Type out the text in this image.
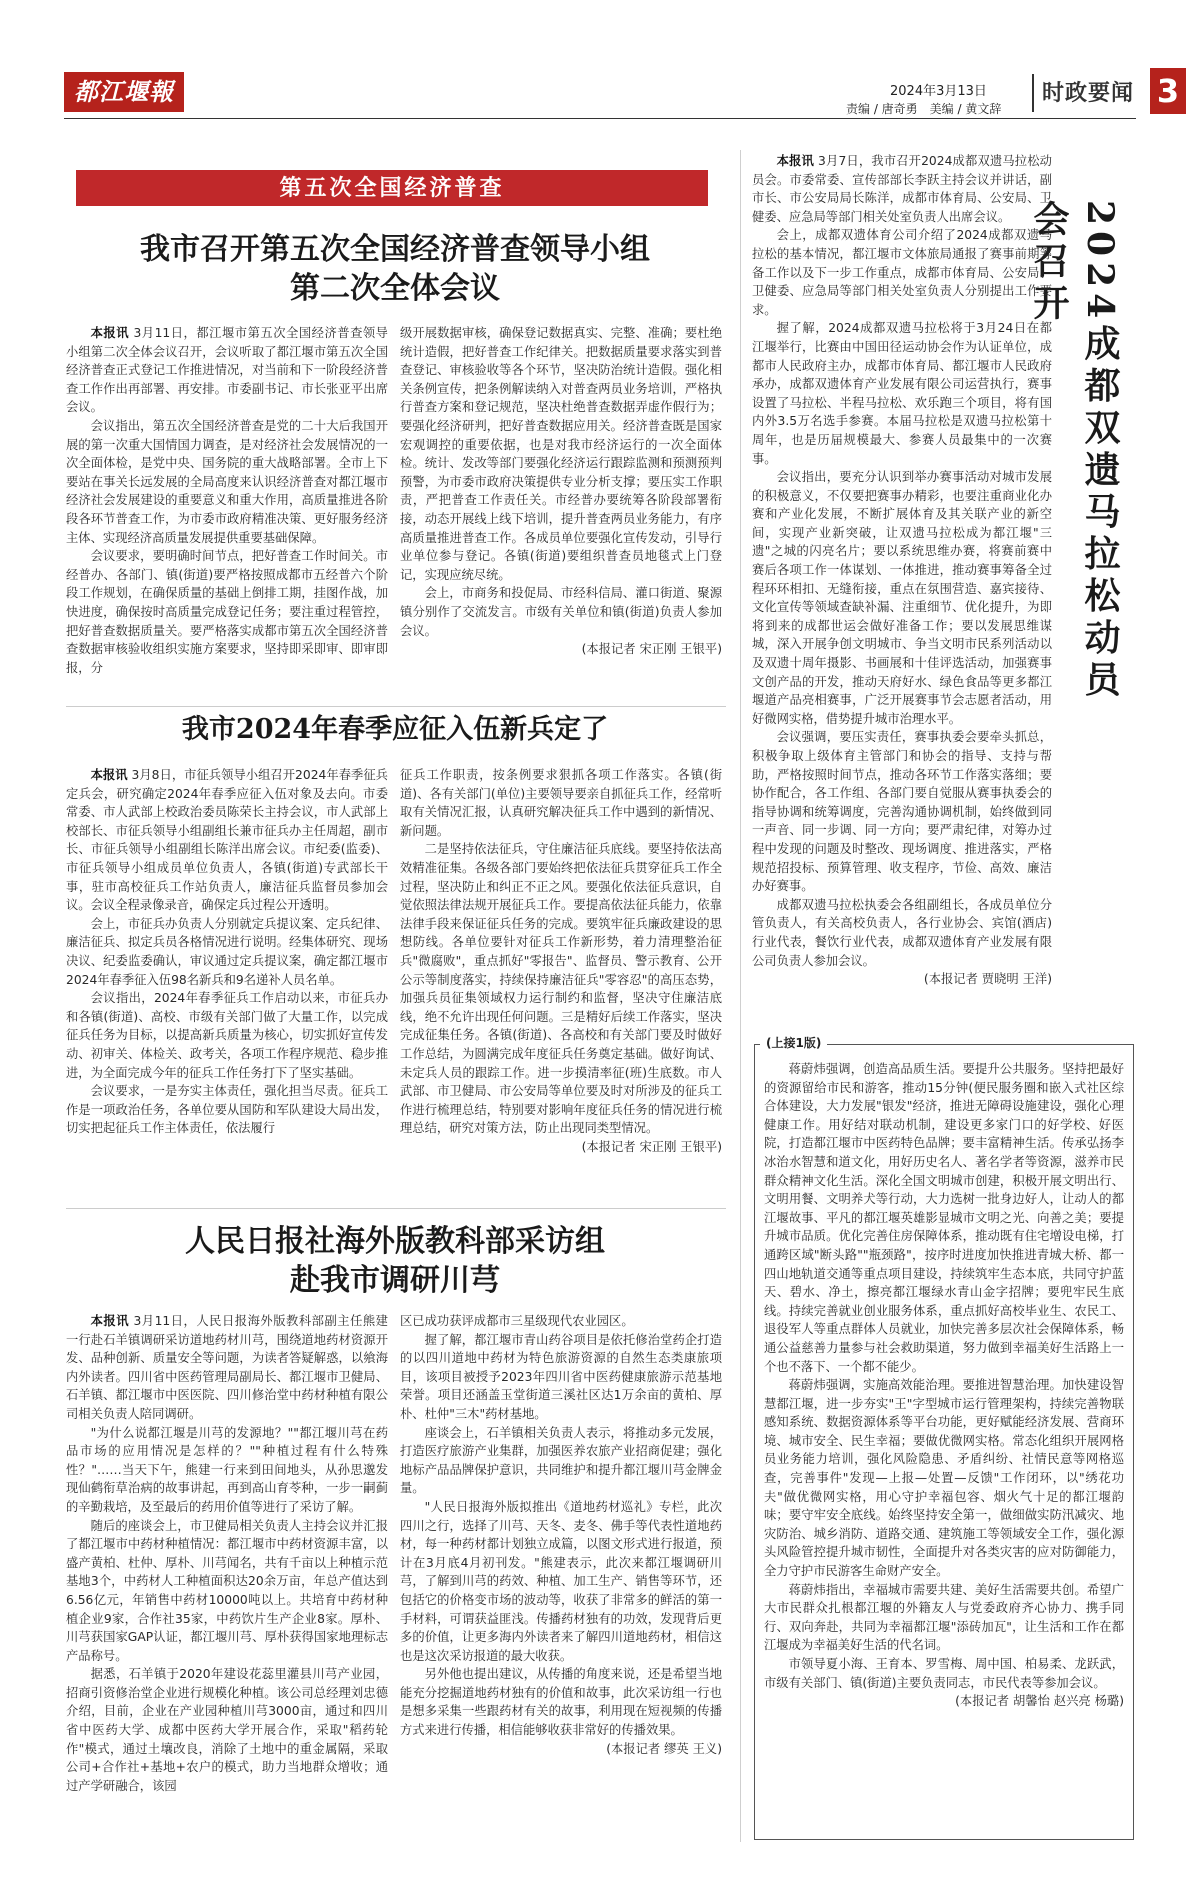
都江堰報	2024年3月13日
责编 / 唐奇勇　美编 / 黄文辞
时政要闻 3
第五次全国经济普查
我市召开第五次全国经济普查领导小组
第二次全体会议

本报讯 3月11日，都江堰市第五次全国经济普查领导小组第二次全体会议召开，会议听取了都江堰市第五次全国经济普查正式登记工作推进情况，对当前和下一阶段经济普查工作作出再部署、再安排。市委副书记、市长张亚平出席会议。

会议指出，第五次全国经济普查是党的二十大后我国开展的第一次重大国情国力调查，是对经济社会发展情况的一次全面体检，是党中央、国务院的重大战略部署。全市上下要站在事关长远发展的全局高度来认识经济普查对都江堰市经济社会发展建设的重要意义和重大作用，高质量推进各阶段各环节普查工作，为市委市政府精准决策、更好服务经济主体、实现经济高质量发展提供重要基础保障。

会议要求，要明确时间节点，把好普查工作时间关。市经普办、各部门、镇(街道)要严格按照成都市五经普六个阶段工作规划，在确保质量的基础上倒排工期，挂图作战，加快进度，确保按时高质量完成登记任务；要注重过程管控，把好普查数据质量关。要严格落实成都市第五次全国经济普查数据审核验收组织实施方案要求，坚持即采即审、即审即报，分

级开展数据审核，确保登记数据真实、完整、准确；要杜绝统计造假，把好普查工作纪律关。把数据质量要求落实到普查登记、审核验收等各个环节，坚决防治统计造假。强化相关条例宣传，把条例解读纳入对普查两员业务培训，严格执行普查方案和登记规范，坚决杜绝普查数据弄虚作假行为；要强化经济研判，把好普查数据应用关。经济普查既是国家宏观调控的重要依据，也是对我市经济运行的一次全面体检。统计、发改等部门要强化经济运行跟踪监测和预测预判预警，为市委市政府决策提供专业分析支撑；要压实工作职责，严把普查工作责任关。市经普办要统筹各阶段部署衔接，动态开展线上线下培训，提升普查两员业务能力，有序高质量推进普查工作。各成员单位要强化宣传发动，引导行业单位参与登记。各镇(街道)要组织普查员地毯式上门登记，实现应统尽统。

会上，市商务和投促局、市经科信局、灌口街道、聚源镇分别作了交流发言。市级有关单位和镇(街道)负责人参加会议。

(本报记者 宋正刚 王银平)

我市2024年春季应征入伍新兵定了

本报讯 3月8日，市征兵领导小组召开2024年春季征兵定兵会，研究确定2024年春季应征入伍对象及去向。市委常委、市人武部上校政治委员陈荣长主持会议，市人武部上校部长、市征兵领导小组副组长兼市征兵办主任周超，副市长、市征兵领导小组副组长陈洋出席会议。市纪委(监委)、市征兵领导小组成员单位负责人，各镇(街道)专武部长干事，驻市高校征兵工作站负责人，廉洁征兵监督员参加会议。会议全程录像录音，确保定兵过程公开透明。

会上，市征兵办负责人分别就定兵提议案、定兵纪律、廉洁征兵、拟定兵员各格情况进行说明。经集体研究、现场决议、纪委监委确认，审议通过定兵提议案，确定都江堰市2024年春季征入伍98名新兵和9名递补人员名单。

会议指出，2024年春季征兵工作启动以来，市征兵办和各镇(街道)、高校、市级有关部门做了大量工作，以完成征兵任务为目标，以提高新兵质量为核心，切实抓好宣传发动、初审关、体检关、政考关，各项工作程序规范、稳步推进，为全面完成今年的征兵工作任务打下了坚实基础。

会议要求，一是夯实主体责任，强化担当尽责。征兵工作是一项政治任务，各单位要从国防和军队建设大局出发，切实把起征兵工作主体责任，依法履行

征兵工作职责，按条例要求狠抓各项工作落实。各镇(街道)、各有关部门(单位)主要领导要亲自抓征兵工作，经常听取有关情况汇报，认真研究解决征兵工作中遇到的新情况、新问题。

二是坚持依法征兵，守住廉洁征兵底线。要坚持依法高效精准征集。各级各部门要始终把依法征兵贯穿征兵工作全过程，坚决防止和纠正不正之风。要强化依法征兵意识，自觉依照法律法规开展征兵工作。要提高依法征兵能力，依靠法律手段来保证征兵任务的完成。要筑牢征兵廉政建设的思想防线。各单位要针对征兵工作新形势，着力清理整治征兵"微腐败"，重点抓好"零报告"、监督员、警示教育、公开公示等制度落实，持续保持廉洁征兵"零容忍"的高压态势，加强兵员征集领域权力运行制约和监督，坚决守住廉洁底线，绝不允许出现任何问题。三是精好后续工作落实，坚决完成征集任务。各镇(街道)、各高校和有关部门要及时做好工作总结，为圆满完成年度征兵任务奠定基础。做好询试、未定兵人员的跟踪工作。进一步摸清率征(班)生底数。市人武部、市卫健局、市公安局等单位要及时对所涉及的征兵工作进行梳理总结，特别要对影响年度征兵任务的情况进行梳理总结，研究对策方法，防止出现同类型情况。

(本报记者 宋正刚 王银平)

人民日报社海外版教科部采访组
赴我市调研川芎

本报讯 3月11日，人民日报海外版教科部副主任熊建一行赴石羊镇调研采访道地药材川芎，围绕道地药材资源开发、品种创新、质量安全等问题，为读者答疑解惑，以飨海内外读者。四川省中医药管理局副局长、都江堰市卫健局、石羊镇、都江堰市中医医院、四川修治堂中药材种植有限公司相关负责人陪同调研。

"为什么说都江堰是川芎的发源地？""都江堰川芎在药品市场的应用情况是怎样的？""种植过程有什么特殊性？"……当天下午，熊建一行来到田间地头，从孙思邈发现仙鹤衔草治病的故事讲起，再到高山育苓种，一步一嗣蓟的辛勤栽培，及至最后的药用价值等进行了采访了解。

随后的座谈会上，市卫健局相关负责人主持会议并汇报了都江堰市中药材种植情况：都江堰市中药材资源丰富，以盛产黄柏、杜仲、厚朴、川芎闻名，共有千亩以上种植示范基地3个，中药材人工种植面积达20余万亩，年总产值达到6.56亿元，年销售中药材10000吨以上。共培育中药材种植企业9家，合作社35家，中药饮片生产企业8家。厚朴、川芎获国家GAP认证，都江堰川芎、厚朴获得国家地理标志产品称号。

据悉，石羊镇于2020年建设花蕊里灌县川芎产业园，招商引资修治堂企业进行规模化种植。该公司总经理刘忠德介绍，目前，企业在产业园种植川芎3000亩，通过和四川省中医药大学、成都中医药大学开展合作，采取"稻药轮作"模式，通过土壤改良，消除了土地中的重金属隔，采取公司+合作社+基地+农户的模式，助力当地群众增收；通过产学研融合，该园

区已成功获评成都市三星级现代农业园区。

握了解，都江堰市青山药谷项目是依托修治堂药企打造的以四川道地中药材为特色旅游资源的自然生态类康旅项目，该项目被授予2023年四川省中医药健康旅游示范基地荣誉。项目还涵盖玉堂街道三溪社区达1万余亩的黄柏、厚朴、杜仲"三木"药材基地。

座谈会上，石羊镇相关负责人表示，将推动多元发展，打造医疗旅游产业集群，加强医养农旅产业招商促建；强化地标产品品牌保护意识，共同维护和提升都江堰川芎金牌金量。

"人民日报海外版拟推出《道地药材巡礼》专栏，此次四川之行，选择了川芎、天冬、麦冬、佛手等代表性道地药材，每一种药材都计划独立成篇，以图文形式进行报道，预计在3月底4月初刊发。"熊建表示，此次来都江堰调研川芎，了解到川芎的药效、种植、加工生产、销售等环节，还包括它的价格变市场的波动等，收获了非常多的鲜活的第一手材料，可谓获益匪浅。传播药材独有的功效，发现背后更多的价值，让更多海内外读者来了解四川道地药材，相信这也是这次采访报道的最大收获。

另外他也提出建议，从传播的角度来说，还是希望当地能充分挖掘道地药材独有的价值和故事，此次采访组一行也是想多采集一些跟药材有关的故事，利用现在短视频的传播方式来进行传播，相信能够收获非常好的传播效果。

(本报记者 缪英 王义)

2024成都双遗马拉松动员会召开

本报讯 3月7日，我市召开2024成都双遗马拉松动员会。市委常委、宣传部部长李跃主持会议并讲话，副市长、市公安局局长陈洋，成都市体育局、公安局、卫健委、应急局等部门相关处室负责人出席会议。

会上，成都双遗体育公司介绍了2024成都双遗马拉松的基本情况，都江堰市文体旅局通报了赛事前期筹备工作以及下一步工作重点，成都市体育局、公安局、卫健委、应急局等部门相关处室负责人分别提出工作要求。

握了解，2024成都双遗马拉松将于3月24日在都江堰举行，比赛由中国田径运动协会作为认证单位，成都市人民政府主办，成都市体育局、都江堰市人民政府承办，成都双遗体育产业发展有限公司运营执行，赛事设置了马拉松、半程马拉松、欢乐跑三个项目，将有国内外3.5万名选手参赛。本届马拉松是双遗马拉松第十周年，也是历届规模最大、参赛人员最集中的一次赛事。

会议指出，要充分认识到举办赛事活动对城市发展的积极意义，不仅要把赛事办精彩，也要注重商业化办赛和产业化发展，不断扩展体育及其关联产业的新空间，实现产业新突破，让双遗马拉松成为都江堰"三遗"之城的闪亮名片；要以系统思维办赛，将赛前赛中赛后各项工作一体谋划、一体推进，推动赛事筹备全过程环环相扣、无缝衔接，重点在氛围营造、嘉宾接待、文化宣传等领域查缺补漏、注重细节、优化提升，为即将到来的成都世运会做好准备工作；要以发展思维谋城，深入开展争创文明城市、争当文明市民系列活动以及双遗十周年摄影、书画展和十佳评选活动，加强赛事文创产品的开发，推动天府好水、绿色食品等更多都江堰道产品亮相赛事，广泛开展赛事节会志愿者活动，用好微网实格，借势提升城市治理水平。

会议强调，要压实责任，赛事执委会要牵头抓总，积极争取上级体育主管部门和协会的指导、支持与帮助，严格按照时间节点，推动各环节工作落实落细；要协作配合，各工作组、各部门要自觉服从赛事执委会的指导协调和统筹调度，完善沟通协调机制，始终做到同一声音、同一步调、同一方向；要严肃纪律，对筹办过程中发现的问题及时整改、现场调度、推进落实，严格规范招投标、预算管理、收支程序，节俭、高效、廉洁办好赛事。

成都双遗马拉松执委会各组副组长，各成员单位分管负责人，有关高校负责人，各行业协会、宾馆(酒店)行业代表，餐饮行业代表，成都双遗体育产业发展有限公司负责人参加会议。

(本报记者 贾晓明 王洋)

(上接1版)

蒋蔚炜强调，创造高品质生活。要提升公共服务。坚持把最好的资源留给市民和游客，推动15分钟(便民服务圈和嵌入式社区综合体建设，大力发展"银发"经济，推进无障碍设施建设，强化心理健康工作。用好结对联动机制，建设更多家门口的好学校、好医院，打造都江堰市中医药特色品牌；要丰富精神生活。传承弘扬李冰治水智慧和道文化，用好历史名人、著名学者等资源，滋养市民群众精神文化生活。深化全国文明城市创建，积极开展文明出行、文明用餐、文明养犬等行动，大力选树一批身边好人，让动人的都江堰故事、平凡的都江堰英雄影显城市文明之光、向善之美；要提升城市品质。优化完善住房保障体系，推动既有住宅增设电梯，打通跨区域"断头路""瓶颈路"，按序时进度加快推进青城大桥、都一四山地轨道交通等重点项目建设，持续筑牢生态本底，共同守护蓝天、碧水、净土，擦亮都江堰绿水青山金字招牌；要兜牢民生底线。持续完善就业创业服务体系，重点抓好高校毕业生、农民工、退役军人等重点群体人员就业，加快完善多层次社会保障体系，畅通公益慈善力量参与社会救助渠道，努力做到幸福美好生活路上一个也不落下、一个都不能少。

蒋蔚炜强调，实施高效能治理。要推进智慧治理。加快建设智慧都江堰，进一步夯实"王"字型城市运行管理架构，持续完善物联感知系统、数据资源体系等平台功能，更好赋能经济发展、营商环境、城市安全、民生幸福；要做优微网实格。常态化组织开展网格员业务能力培训，强化风险隐患、矛盾纠纷、社情民意等网格巡查，完善事件"发现—上报—处置—反馈"工作闭环，以"绣花功夫"做优微网实格，用心守护幸福包容、烟火气十足的都江堰韵味；要守牢安全底线。始终坚持安全第一，做细做实防汛减灾、地灾防治、城乡消防、道路交通、建筑施工等领域安全工作，强化源头风险管控提升城市韧性，全面提升对各类灾害的应对防御能力，全力守护市民游客生命财产安全。

蒋蔚炜指出，幸福城市需要共建、美好生活需要共创。希望广大市民群众扎根都江堰的外籍友人与党委政府齐心协力、携手同行、双向奔赴，共同为幸福都江堰"添砖加瓦"，让生活和工作在都江堰成为幸福美好生活的代名词。

市领导夏小海、王育本、罗雪梅、周中国、柏易柔、龙跃武，市级有关部门、镇(街道)主要负责同志，市民代表等参加会议。

(本报记者 胡馨怡 赵兴亮 杨璐)
